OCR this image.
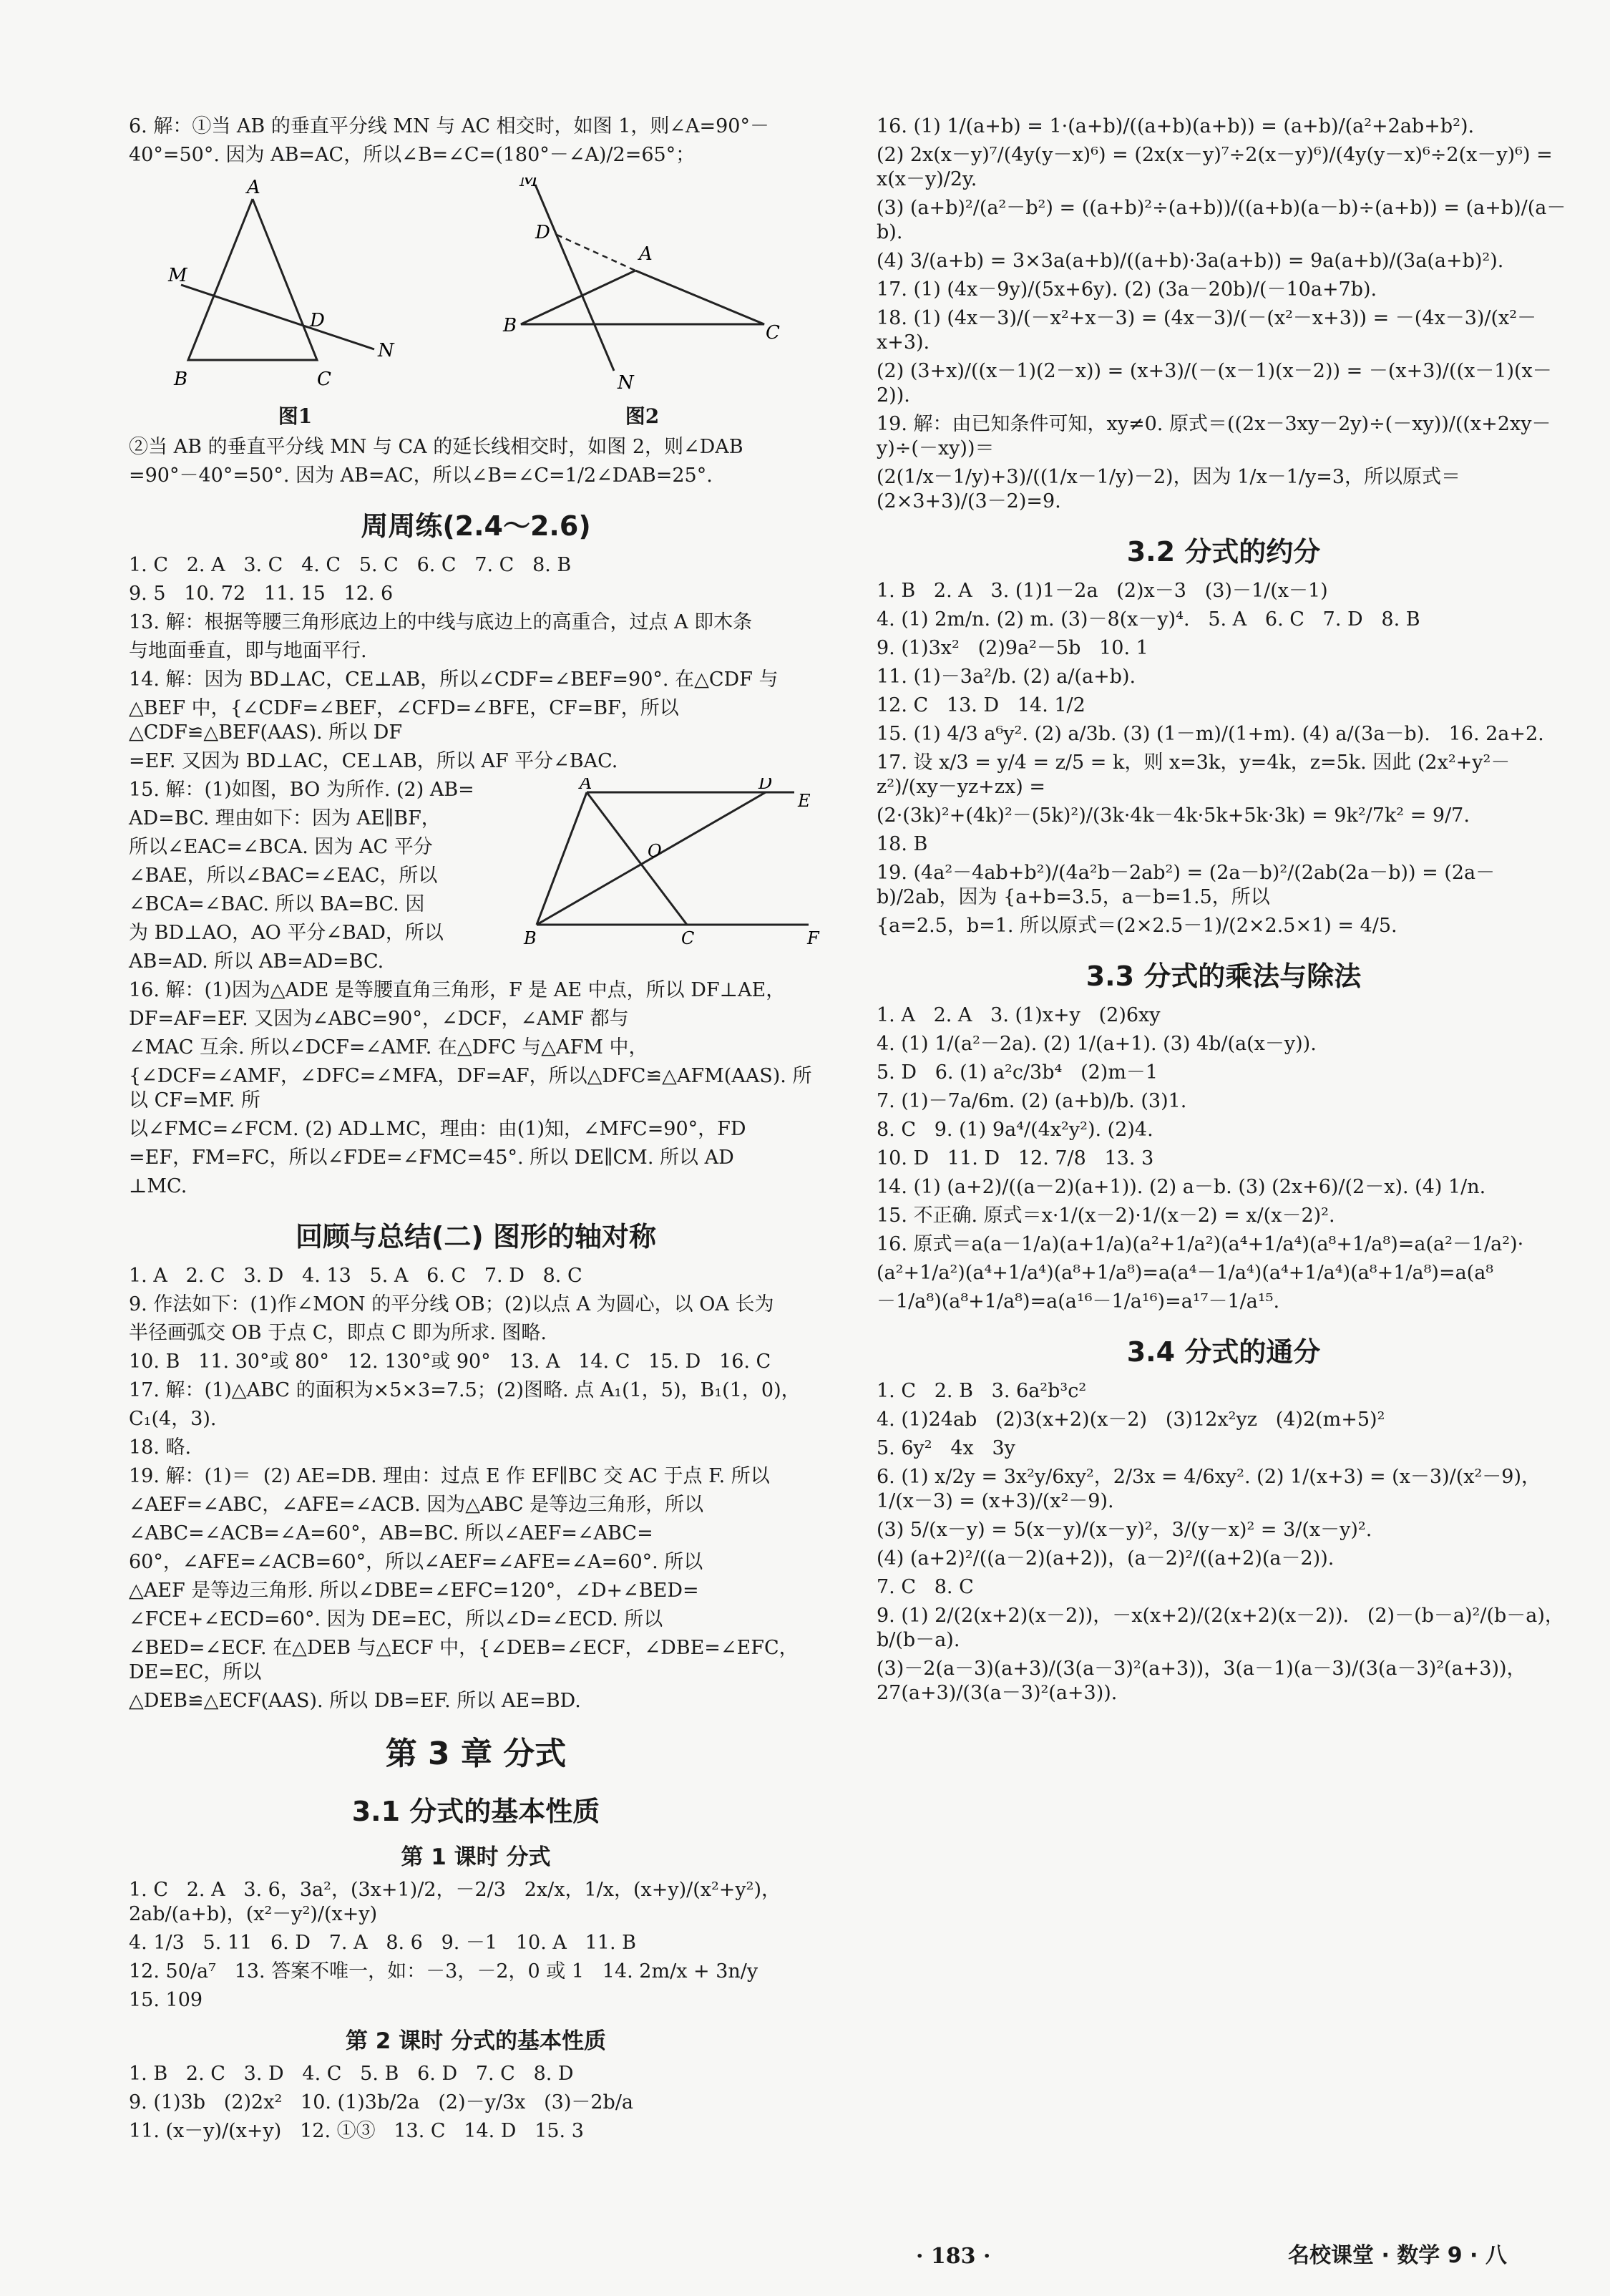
6. 解：①当 AB 的垂直平分线 MN 与 AC 相交时，如图 1，则∠A=90°－
40°=50°. 因为 AB=AC，所以∠B=∠C=(180°－∠A)/2=65°；
A
M
D
N
B	C
图1
M
D
A
B	C
N
图2
②当 AB 的垂直平分线 MN 与 CA 的延长线相交时，如图 2，则∠DAB
=90°－40°=50°. 因为 AB=AC，所以∠B=∠C=1/2∠DAB=25°.
周周练(2.4～2.6)
1. C   2. A   3. C   4. C   5. C   6. C   7. C   8. B
9. 5   10. 72   11. 15   12. 6
13. 解：根据等腰三角形底边上的中线与底边上的高重合，过点 A 即木条
与地面垂直，即与地面平行.
14. 解：因为 BD⊥AC，CE⊥AB，所以∠CDF=∠BEF=90°. 在△CDF 与
△BEF 中，{∠CDF=∠BEF，∠CFD=∠BFE，CF=BF，所以△CDF≌△BEF(AAS). 所以 DF
=EF. 又因为 BD⊥AC，CE⊥AB，所以 AF 平分∠BAC.
A	D
E
O
B	C	F
15. 解：(1)如图，BO 为所作. (2) AB=
AD=BC. 理由如下：因为 AE∥BF，
所以∠EAC=∠BCA. 因为 AC 平分
∠BAE，所以∠BAC=∠EAC，所以
∠BCA=∠BAC. 所以 BA=BC. 因
为 BD⊥AO，AO 平分∠BAD，所以
AB=AD. 所以 AB=AD=BC.
16. 解：(1)因为△ADE 是等腰直角三角形，F 是 AE 中点，所以 DF⊥AE，
DF=AF=EF. 又因为∠ABC=90°，∠DCF，∠AMF 都与
∠MAC 互余. 所以∠DCF=∠AMF. 在△DFC 与△AFM 中，
{∠DCF=∠AMF，∠DFC=∠MFA，DF=AF，所以△DFC≌△AFM(AAS). 所以 CF=MF. 所
以∠FMC=∠FCM. (2) AD⊥MC，理由：由(1)知，∠MFC=90°，FD
=EF，FM=FC，所以∠FDE=∠FMC=45°. 所以 DE∥CM. 所以 AD
⊥MC.
回顾与总结(二) 图形的轴对称
1. A   2. C   3. D   4. 13   5. A   6. C   7. D   8. C
9. 作法如下：(1)作∠MON 的平分线 OB；(2)以点 A 为圆心，以 OA 长为
半径画弧交 OB 于点 C，即点 C 即为所求. 图略.
10. B   11. 30°或 80°   12. 130°或 90°   13. A   14. C   15. D   16. C
17. 解：(1)△ABC 的面积为×5×3=7.5；(2)图略. 点 A₁(1，5)，B₁(1，0)，
C₁(4，3).
18. 略.
19. 解：(1)＝  (2) AE=DB. 理由：过点 E 作 EF∥BC 交 AC 于点 F. 所以
∠AEF=∠ABC，∠AFE=∠ACB. 因为△ABC 是等边三角形，所以
∠ABC=∠ACB=∠A=60°，AB=BC. 所以∠AEF=∠ABC=
60°，∠AFE=∠ACB=60°，所以∠AEF=∠AFE=∠A=60°. 所以
△AEF 是等边三角形. 所以∠DBE=∠EFC=120°，∠D+∠BED=
∠FCE+∠ECD=60°. 因为 DE=EC，所以∠D=∠ECD. 所以
∠BED=∠ECF. 在△DEB 与△ECF 中，{∠DEB=∠ECF，∠DBE=∠EFC，DE=EC，所以
△DEB≌△ECF(AAS). 所以 DB=EF. 所以 AE=BD.
第 3 章 分式
3.1 分式的基本性质
第 1 课时 分式
1. C   2. A   3. 6，3a²，(3x+1)/2，－2/3   2x/x，1/x，(x+y)/(x²+y²)，2ab/(a+b)，(x²－y²)/(x+y)
4. 1/3   5. 11   6. D   7. A   8. 6   9. －1   10. A   11. B
12. 50/a⁷   13. 答案不唯一，如：－3，－2，0 或 1   14. 2m/x + 3n/y
15. 109
第 2 课时 分式的基本性质
1. B   2. C   3. D   4. C   5. B   6. D   7. C   8. D
9. (1)3b   (2)2x²   10. (1)3b/2a   (2)－y/3x   (3)－2b/a
11. (x－y)/(x+y)   12. ①③   13. C   14. D   15. 3
16. (1) 1/(a+b) = 1·(a+b)/((a+b)(a+b)) = (a+b)/(a²+2ab+b²).
(2) 2x(x－y)⁷/(4y(y－x)⁶) = (2x(x－y)⁷÷2(x－y)⁶)/(4y(y－x)⁶÷2(x－y)⁶) = x(x－y)/2y.
(3) (a+b)²/(a²－b²) = ((a+b)²÷(a+b))/((a+b)(a－b)÷(a+b)) = (a+b)/(a－b).
(4) 3/(a+b) = 3×3a(a+b)/((a+b)·3a(a+b)) = 9a(a+b)/(3a(a+b)²).
17. (1) (4x－9y)/(5x+6y). (2) (3a－20b)/(－10a+7b).
18. (1) (4x－3)/(－x²+x－3) = (4x－3)/(－(x²－x+3)) = －(4x－3)/(x²－x+3).
(2) (3+x)/((x－1)(2－x)) = (x+3)/(－(x－1)(x－2)) = －(x+3)/((x－1)(x－2)).
19. 解：由已知条件可知，xy≠0. 原式＝((2x－3xy－2y)÷(－xy))/((x+2xy－y)÷(－xy))＝
(2(1/x－1/y)+3)/((1/x－1/y)－2)，因为 1/x－1/y=3，所以原式＝(2×3+3)/(3－2)=9.
3.2 分式的约分
1. B   2. A   3. (1)1－2a   (2)x－3   (3)－1/(x－1)
4. (1) 2m/n. (2) m. (3)－8(x－y)⁴.   5. A   6. C   7. D   8. B
9. (1)3x²   (2)9a²－5b   10. 1
11. (1)－3a²/b. (2) a/(a+b).
12. C   13. D   14. 1/2
15. (1) 4/3 a⁶y². (2) a/3b. (3) (1－m)/(1+m). (4) a/(3a－b).   16. 2a+2.
17. 设 x/3 = y/4 = z/5 = k，则 x=3k，y=4k，z=5k. 因此 (2x²+y²－z²)/(xy－yz+zx) =
(2·(3k)²+(4k)²－(5k)²)/(3k·4k－4k·5k+5k·3k) = 9k²/7k² = 9/7.
18. B
19. (4a²－4ab+b²)/(4a²b－2ab²) = (2a－b)²/(2ab(2a－b)) = (2a－b)/2ab，因为 {a+b=3.5，a－b=1.5，所以
{a=2.5，b=1. 所以原式＝(2×2.5－1)/(2×2.5×1) = 4/5.
3.3 分式的乘法与除法
1. A   2. A   3. (1)x+y   (2)6xy
4. (1) 1/(a²－2a). (2) 1/(a+1). (3) 4b/(a(x－y)).
5. D   6. (1) a²c/3b⁴   (2)m－1
7. (1)－7a/6m. (2) (a+b)/b. (3)1.
8. C   9. (1) 9a⁴/(4x²y²). (2)4.
10. D   11. D   12. 7/8   13. 3
14. (1) (a+2)/((a－2)(a+1)). (2) a－b. (3) (2x+6)/(2－x). (4) 1/n.
15. 不正确. 原式＝x·1/(x－2)·1/(x－2) = x/(x－2)².
16. 原式＝a(a－1/a)(a+1/a)(a²+1/a²)(a⁴+1/a⁴)(a⁸+1/a⁸)=a(a²－1/a²)·
(a²+1/a²)(a⁴+1/a⁴)(a⁸+1/a⁸)=a(a⁴－1/a⁴)(a⁴+1/a⁴)(a⁸+1/a⁸)=a(a⁸
－1/a⁸)(a⁸+1/a⁸)=a(a¹⁶－1/a¹⁶)=a¹⁷－1/a¹⁵.
3.4 分式的通分
1. C   2. B   3. 6a²b³c²
4. (1)24ab   (2)3(x+2)(x－2)   (3)12x²yz   (4)2(m+5)²
5. 6y²   4x   3y
6. (1) x/2y = 3x²y/6xy²，2/3x = 4/6xy². (2) 1/(x+3) = (x－3)/(x²－9)，1/(x－3) = (x+3)/(x²－9).
(3) 5/(x－y) = 5(x－y)/(x－y)²，3/(y－x)² = 3/(x－y)².
(4) (a+2)²/((a－2)(a+2))，(a－2)²/((a+2)(a－2)).
7. C   8. C
9. (1) 2/(2(x+2)(x－2))，－x(x+2)/(2(x+2)(x－2)).   (2)－(b－a)²/(b－a)，b/(b－a).
(3)－2(a－3)(a+3)/(3(a－3)²(a+3))，3(a－1)(a－3)/(3(a－3)²(a+3))，27(a+3)/(3(a－3)²(a+3)).
· 183 ·	名校课堂 · 数学 9 · 八
